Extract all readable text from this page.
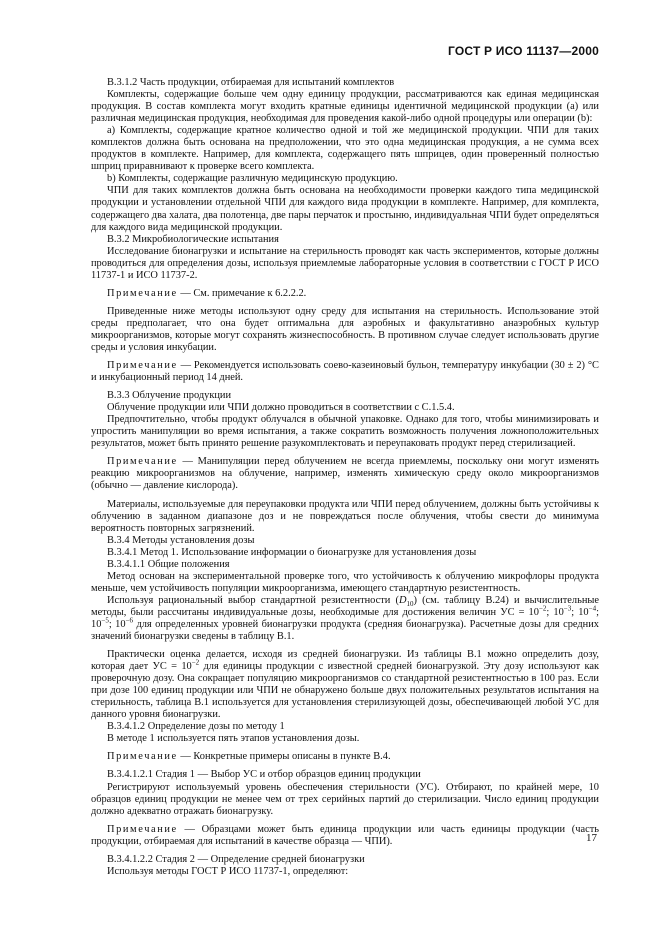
ГОСТ Р ИСО 11137—2000

В.3.1.2 Часть продукции, отбираемая для испытаний комплектов

Комплекты, содержащие больше чем одну единицу продукции, рассматриваются как единая медицинская продукция. В состав комплекта могут входить кратные единицы идентичной медицинской продукции (a) или различная медицинская продукция, необходимая для проведения какой-либо одной процедуры или операции (b):

a) Комплекты, содержащие кратное количество одной и той же медицинской продукции. ЧПИ для таких комплектов должна быть основана на предположении, что это одна медицинская продукция, а не сумма всех продуктов в комплекте. Например, для комплекта, содержащего пять шприцев, один проверенный полностью шприц приравнивают к проверке всего комплекта.

b) Комплекты, содержащие различную медицинскую продукцию.

ЧПИ для таких комплектов должна быть основана на необходимости проверки каждого типа медицинской продукции и установлении отдельной ЧПИ для каждого вида продукции в комплекте. Например, для комплекта, содержащего два халата, два полотенца, две пары перчаток и простыню, индивидуальная ЧПИ будет определяться для каждого вида медицинской продукции.

В.3.2 Микробиологические испытания

Исследование бионагрузки и испытание на стерильность проводят как часть экспериментов, которые должны проводиться для определения дозы, используя приемлемые лабораторные условия в соответствии с ГОСТ Р ИСО 11737-1 и ИСО 11737-2.

Примечание — См. примечание к 6.2.2.2.

Приведенные ниже методы используют одну среду для испытания на стерильность. Использование этой среды предполагает, что она будет оптимальна для аэробных и факультативно анаэробных культур микроорганизмов, которые могут сохранять жизнеспособность. В противном случае следует использовать другие среды и условия инкубации.

Примечание — Рекомендуется использовать соево-казеиновый бульон, температуру инкубации (30 ± 2) °С и инкубационный период 14 дней.

В.3.3 Облучение продукции

Облучение продукции или ЧПИ должно проводиться в соответствии с С.1.5.4.

Предпочтительно, чтобы продукт облучался в обычной упаковке. Однако для того, чтобы минимизировать и упростить манипуляции во время испытания, а также сократить возможность получения ложноположительных результатов, может быть принято решение разукомплектовать и переупаковать продукт перед стерилизацией.

Примечание — Манипуляции перед облучением не всегда приемлемы, поскольку они могут изменять реакцию микроорганизмов на облучение, например, изменять химическую среду около микроорганизмов (обычно — давление кислорода).

Материалы, используемые для переупаковки продукта или ЧПИ перед облучением, должны быть устойчивы к облучению в заданном диапазоне доз и не повреждаться после облучения, чтобы свести до минимума вероятность повторных загрязнений.

В.3.4 Методы установления дозы

В.3.4.1 Метод 1. Использование информации о бионагрузке для установления дозы

В.3.4.1.1 Общие положения

Метод основан на экспериментальной проверке того, что устойчивость к облучению микрофлоры продукта меньше, чем устойчивость популяции микроорганизма, имеющего стандартную резистентность.

Используя рациональный выбор стандартной резистентности $(D_{10})$ (см. таблицу В.24) и вычислительные методы, были рассчитаны индивидуальные дозы, необходимые для достижения величин УС = $10^{-2}$; $10^{-3}$; $10^{-4}$; $10^{-5}$; $10^{-6}$ для определенных уровней бионагрузки продукта (средняя бионагрузка). Расчетные дозы для средних значений бионагрузки сведены в таблицу В.1.

Практически оценка делается, исходя из средней бионагрузки. Из таблицы В.1 можно определить дозу, которая дает УС = $10^{-2}$ для единицы продукции с известной средней бионагрузкой. Эту дозу используют как проверочную дозу. Она сокращает популяцию микроорганизмов со стандартной резистентностью в 100 раз. Если при дозе 100 единиц продукции или ЧПИ не обнаружено больше двух положительных результатов испытания на стерильность, таблица В.1 используется для установления стерилизующей дозы, обеспечивающей любой УС для данного уровня бионагрузки.

В.3.4.1.2 Определение дозы по методу 1

В методе 1 используется пять этапов установления дозы.

Примечание — Конкретные примеры описаны в пункте В.4.

В.3.4.1.2.1 Стадия 1 — Выбор УС и отбор образцов единиц продукции

Регистрируют используемый уровень обеспечения стерильности (УС). Отбирают, по крайней мере, 10 образцов единиц продукции не менее чем от трех серийных партий до стерилизации. Число единиц продукции должно адекватно отражать бионагрузку.

Примечание — Образцами может быть единица продукции или часть единицы продукции (часть продукции, отбираемая для испытаний в качестве образца — ЧПИ).

В.3.4.1.2.2 Стадия 2 — Определение средней бионагрузки

Используя методы ГОСТ Р ИСО 11737-1, определяют:

17
